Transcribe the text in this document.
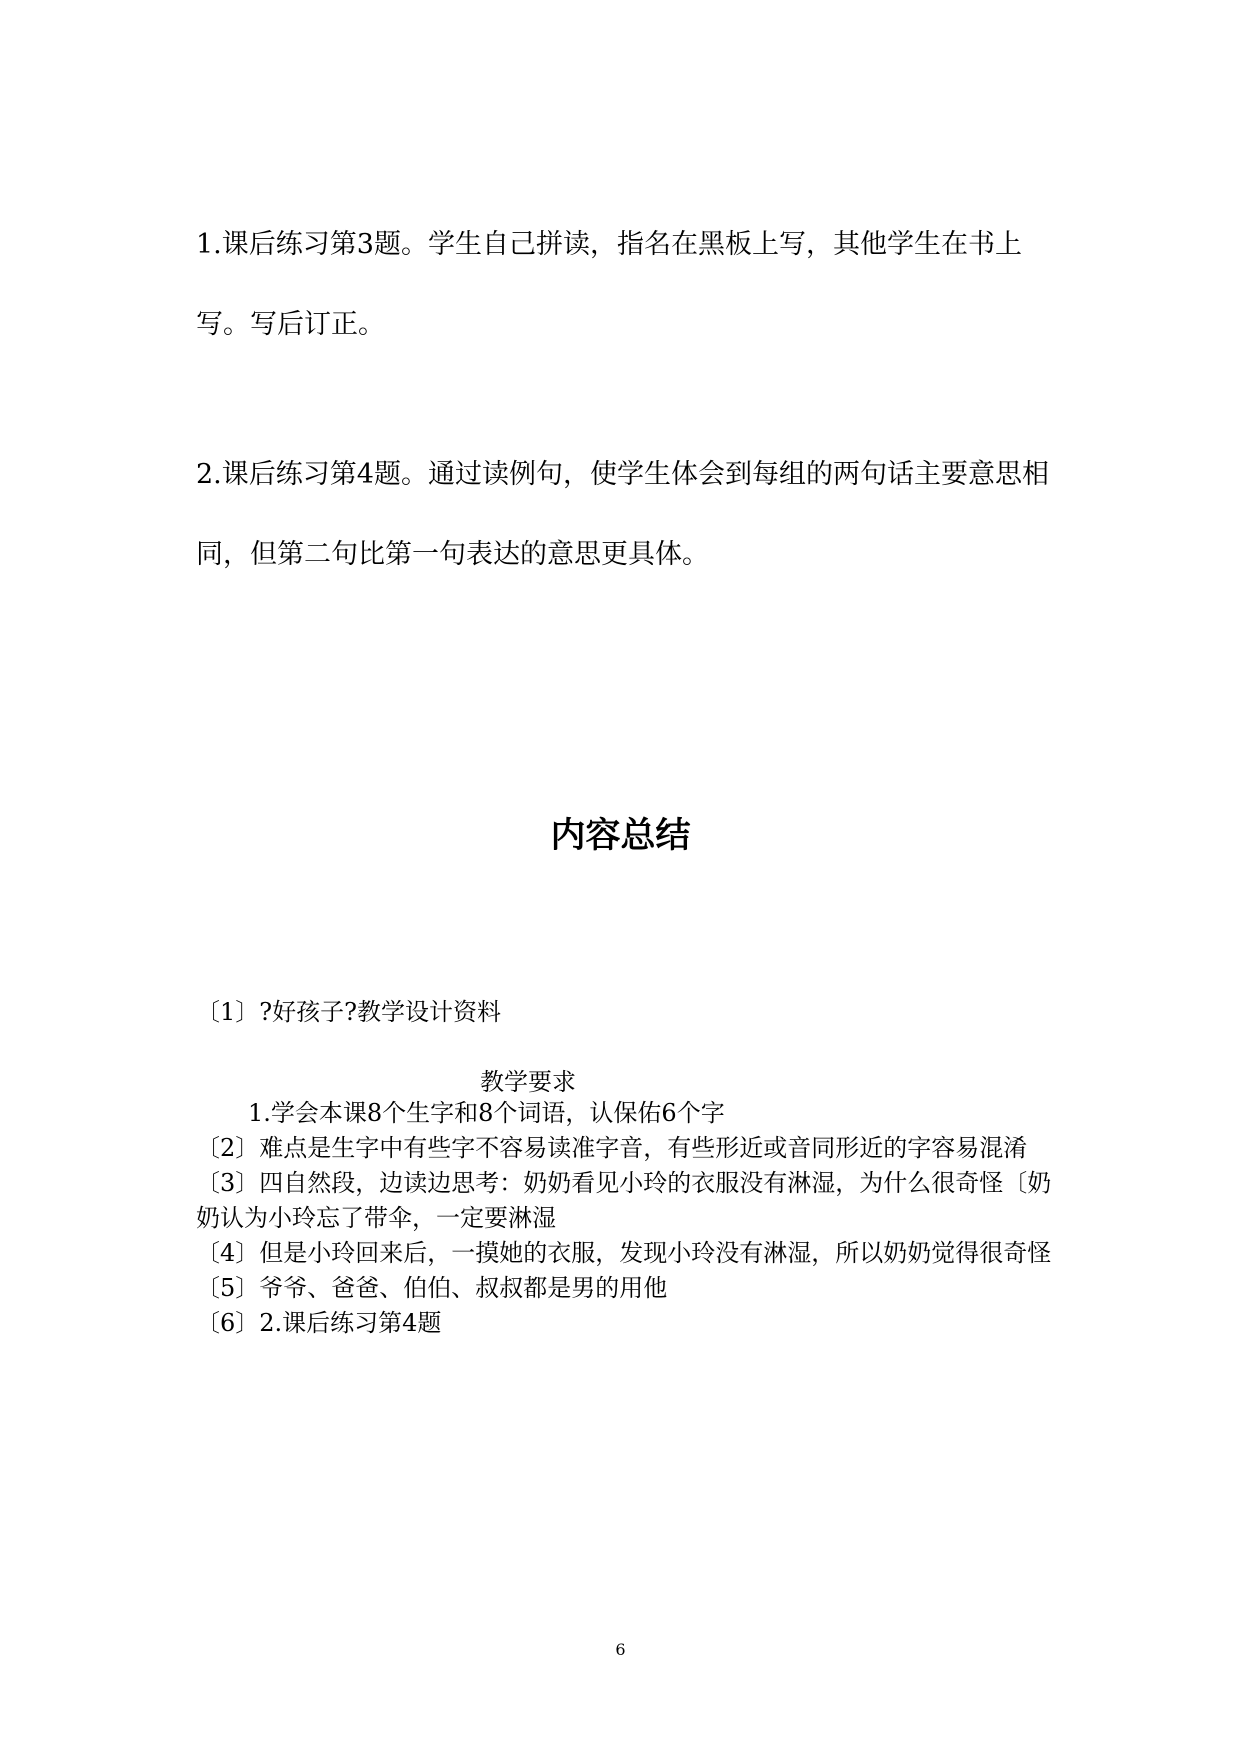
1.课后练习第3题。学生自己拼读，指名在黑板上写，其他学生在书上写。写后订正。

2.课后练习第4题。通过读例句，使学生体会到每组的两句话主要意思相同，但第二句比第一句表达的意思更具体。

内容总结

〔1〕?好孩子?教学设计资料

教学要求

1.学会本课8个生字和8个词语，认保佑6个字
〔2〕难点是生字中有些字不容易读准字音，有些形近或音同形近的字容易混淆
〔3〕四自然段，边读边思考：奶奶看见小玲的衣服没有淋湿，为什么很奇怪〔奶奶认为小玲忘了带伞，一定要淋湿
〔4〕但是小玲回来后，一摸她的衣服，发现小玲没有淋湿，所以奶奶觉得很奇怪
〔5〕爷爷、爸爸、伯伯、叔叔都是男的用他
〔6〕2.课后练习第4题

6
